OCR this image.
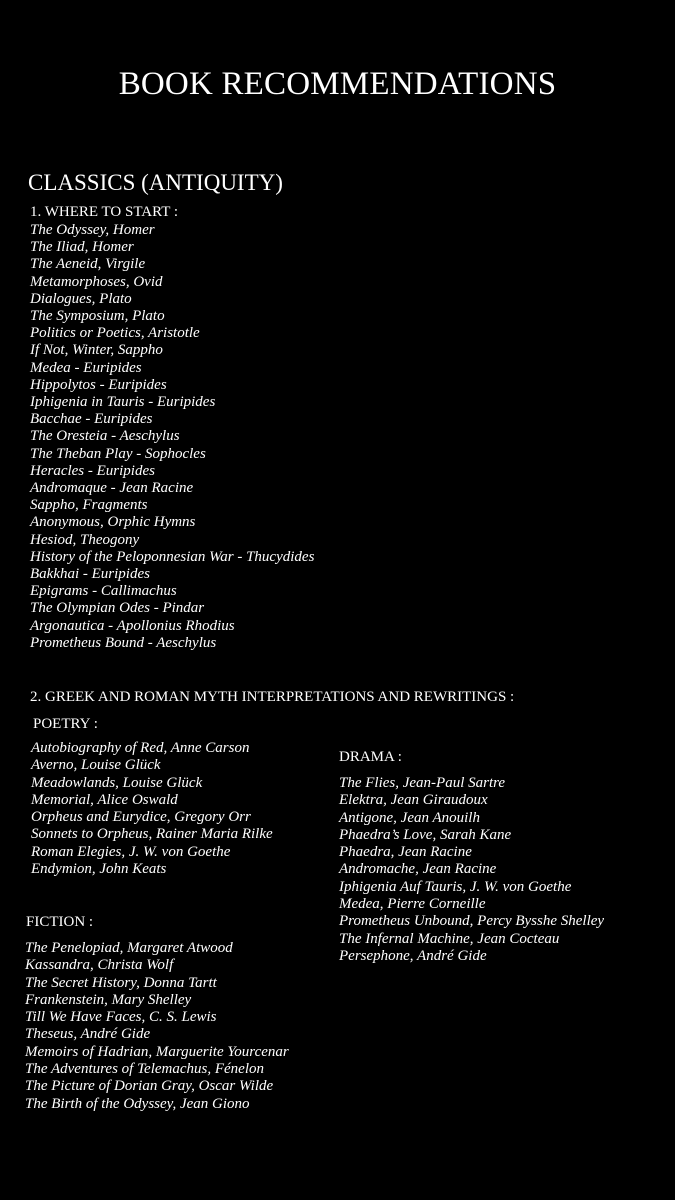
BOOK RECOMMENDATIONS
CLASSICS (ANTIQUITY)
1. WHERE TO START :
The Odyssey, Homer
The Iliad, Homer
The Aeneid, Virgile
Metamorphoses, Ovid
Dialogues, Plato
The Symposium, Plato
Politics or Poetics, Aristotle
If Not, Winter, Sappho
Medea - Euripides
Hippolytos - Euripides
Iphigenia in Tauris - Euripides
Bacchae - Euripides
The Oresteia - Aeschylus
The Theban Play - Sophocles
Heracles - Euripides
Andromaque - Jean Racine
Sappho, Fragments
Anonymous, Orphic Hymns
Hesiod, Theogony
History of the Peloponnesian War - Thucydides
Bakkhai - Euripides
Epigrams - Callimachus
The Olympian Odes - Pindar
Argonautica - Apollonius Rhodius
Prometheus Bound - Aeschylus
2. GREEK AND ROMAN MYTH INTERPRETATIONS AND REWRITINGS :
POETRY :
Autobiography of Red, Anne Carson
Averno, Louise Glück
Meadowlands, Louise Glück
Memorial, Alice Oswald
Orpheus and Eurydice, Gregory Orr
Sonnets to Orpheus, Rainer Maria Rilke
Roman Elegies, J. W. von Goethe
Endymion, John Keats
DRAMA :
The Flies, Jean-Paul Sartre
Elektra, Jean Giraudoux
Antigone, Jean Anouilh
Phaedra’s Love, Sarah Kane
Phaedra, Jean Racine
Andromache, Jean Racine
Iphigenia Auf Tauris, J. W. von Goethe
Medea, Pierre Corneille
Prometheus Unbound, Percy Bysshe Shelley
The Infernal Machine, Jean Cocteau
Persephone, André Gide
FICTION :
The Penelopiad, Margaret Atwood
Kassandra, Christa Wolf
The Secret History, Donna Tartt
Frankenstein, Mary Shelley
Till We Have Faces, C. S. Lewis
Theseus, André Gide
Memoirs of Hadrian, Marguerite Yourcenar
The Adventures of Telemachus, Fénelon
The Picture of Dorian Gray, Oscar Wilde
The Birth of the Odyssey, Jean Giono
